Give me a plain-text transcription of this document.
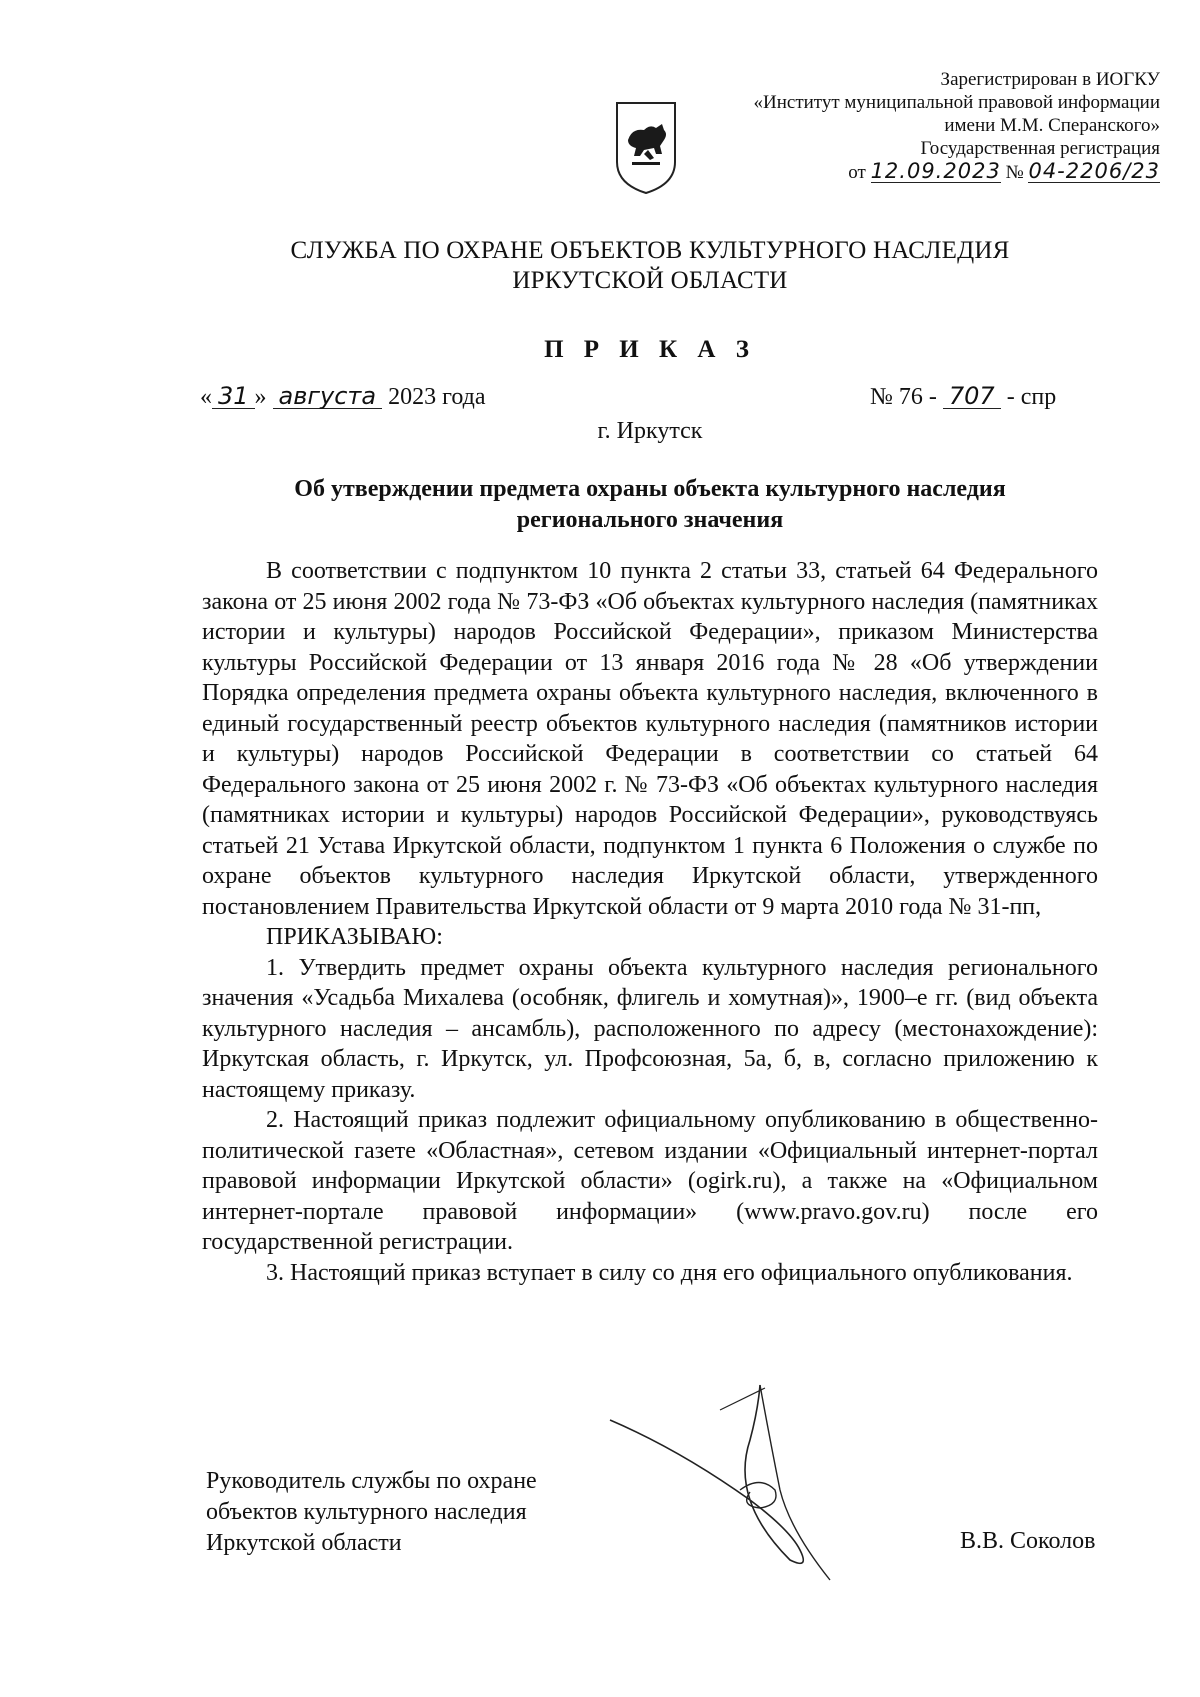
Зарегистрирован в ИОГКУ
«Институт муниципальной правовой информации
имени М.М. Сперанского»
Государственная регистрация
от 12.09.2023 № 04-2206/23
СЛУЖБА ПО ОХРАНЕ ОБЪЕКТОВ КУЛЬТУРНОГО НАСЛЕДИЯ
ИРКУТСКОЙ ОБЛАСТИ
П Р И К А З
« 31 » августа 2023 года	№ 76 - 707 - спр
г. Иркутск
Об утверждении предмета охраны объекта культурного наследия
регионального значения

В соответствии с подпунктом 10 пункта 2 статьи 33, статьей 64 Федерального закона от 25 июня 2002 года № 73-ФЗ «Об объектах культурного наследия (памятниках истории и культуры) народов Российской Федерации», приказом Министерства культуры Российской Федерации от 13 января 2016 года № 28 «Об утверждении Порядка определения предмета охраны объекта культурного наследия, включенного в единый государственный реестр объектов культурного наследия (памятников истории и культуры) народов Российской Федерации в соответствии со статьей 64 Федерального закона от 25 июня 2002 г. № 73-ФЗ «Об объектах культурного наследия (памятниках истории и культуры) народов Российской Федерации», руководствуясь статьей 21 Устава Иркутской области, подпунктом 1 пункта 6 Положения о службе по охране объектов культурного наследия Иркутской области, утвержденного постановлением Правительства Иркутской области от 9 марта 2010 года № 31-пп,

ПРИКАЗЫВАЮ:

1. Утвердить предмет охраны объекта культурного наследия регионального значения «Усадьба Михалева (особняк, флигель и хомутная)», 1900–е гг. (вид объекта культурного наследия – ансамбль), расположенного по адресу (местонахождение): Иркутская область, г. Иркутск, ул. Профсоюзная, 5а, б, в, согласно приложению к настоящему приказу.

2. Настоящий приказ подлежит официальному опубликованию в общественно-политической газете «Областная», сетевом издании «Официальный интернет-портал правовой информации Иркутской области» (ogirk.ru), а также на «Официальном интернет-портале правовой информации» (www.pravo.gov.ru) после его государственной регистрации.

3. Настоящий приказ вступает в силу со дня его официального опубликования.

Руководитель службы по охране
объектов культурного наследия
Иркутской области	В.В. Соколов
